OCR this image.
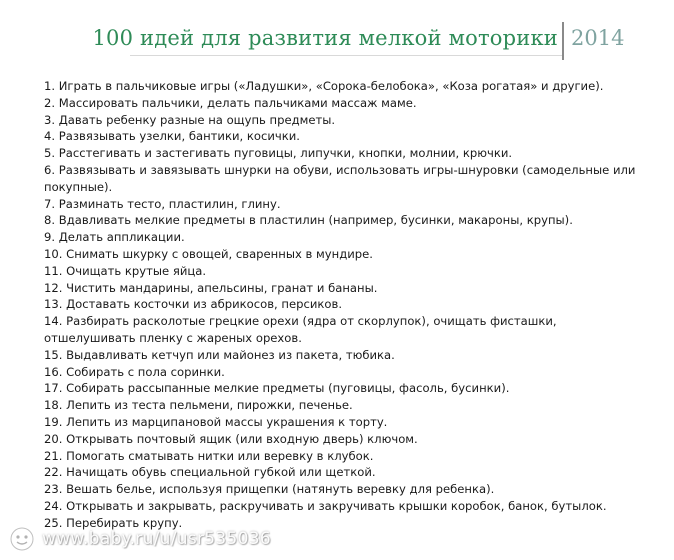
100 идей для развития мелкой моторики 2014
1. Играть в пальчиковые игры («Ладушки», «Сорока-белобока», «Коза рогатая» и другие).
2. Массировать пальчики, делать пальчиками массаж маме.
3. Давать ребенку разные на ощупь предметы.
4. Развязывать узелки, бантики, косички.
5. Расстегивать и застегивать пуговицы, липучки, кнопки, молнии, крючки.
6. Развязывать и завязывать шнурки на обуви, использовать игры-шнуровки (самодельные или покупные).
7. Разминать тесто, пластилин, глину.
8. Вдавливать мелкие предметы в пластилин (например, бусинки, макароны, крупы).
9. Делать аппликации.
10. Снимать шкурку с овощей, сваренных в мундире.
11. Очищать крутые яйца.
12. Чистить мандарины, апельсины, гранат и бананы.
13. Доставать косточки из абрикосов, персиков.
14. Разбирать расколотые грецкие орехи (ядра от скорлупок), очищать фисташки, отшелушивать пленку с жареных орехов.
15. Выдавливать кетчуп или майонез из пакета, тюбика.
16. Собирать с пола соринки.
17. Собирать рассыпанные мелкие предметы (пуговицы, фасоль, бусинки).
18. Лепить из теста пельмени, пирожки, печенье.
19. Лепить из марципановой массы украшения к торту.
20. Открывать почтовый ящик (или входную дверь) ключом.
21. Помогать сматывать нитки или веревку в клубок.
22. Начищать обувь специальной губкой или щеткой.
23. Вешать белье, используя прищепки (натянуть веревку для ребенка).
24. Открывать и закрывать, раскручивать и закручивать крышки коробок, банок, бутылок.
25. Перебирать крупу.
www.baby.ru/u/usr535036
